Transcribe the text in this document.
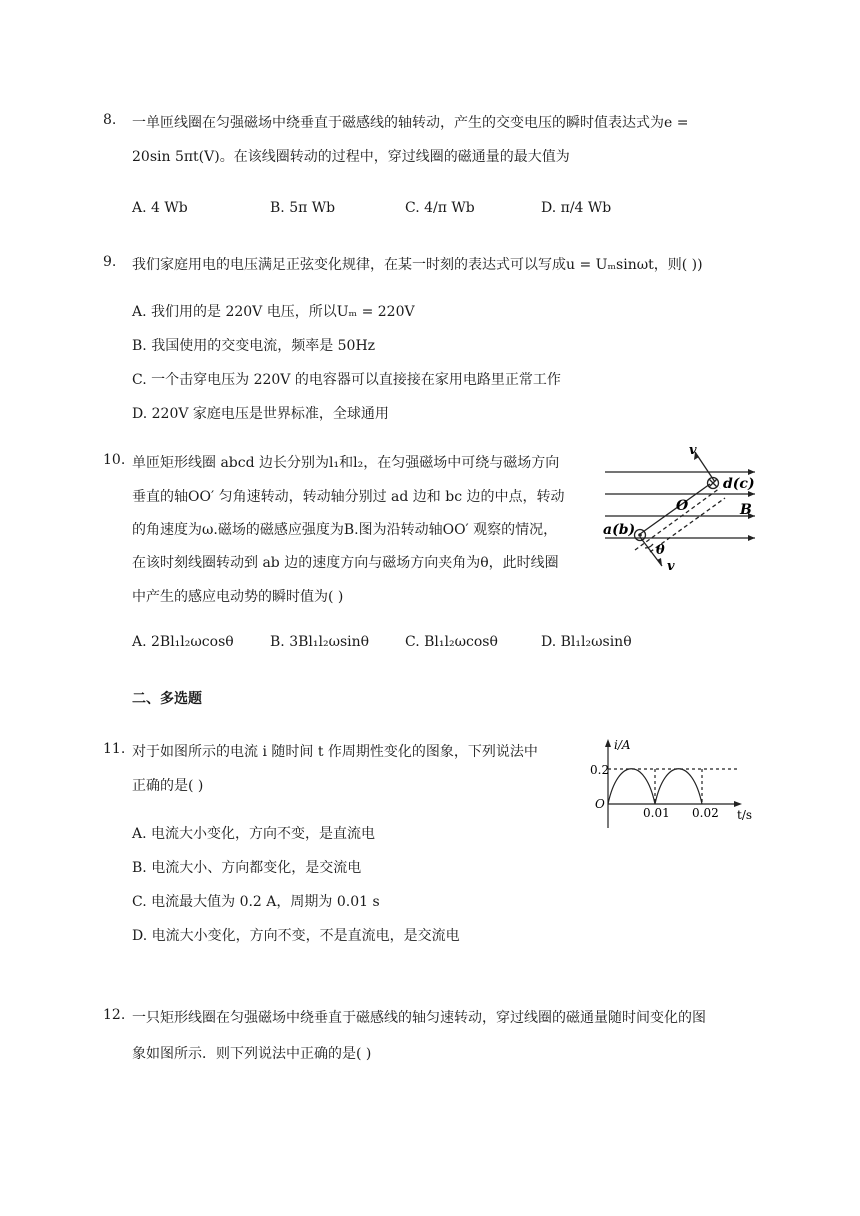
8. 一单匝线圈在匀强磁场中绕垂直于磁感线的轴转动，产生的交变电压的瞬时值表达式为e =
20sin 5πt(V)。在该线圈转动的过程中，穿过线圈的磁通量的最大值为
A. 4 Wb	B. 5π Wb	C. 4/π Wb	D. π/4 Wb
9. 我们家庭用电的电压满足正弦变化规律，在某一时刻的表达式可以写成u = Uₘsinωt，则( ))
A. 我们用的是 220V 电压，所以Uₘ = 220V
B. 我国使用的交变电流，频率是 50Hz
C. 一个击穿电压为 220V 的电容器可以直接接在家用电路里正常工作
D. 220V 家庭电压是世界标准，全球通用
10. 单匝矩形线圈 abcd 边长分别为l₁和l₂，在匀强磁场中可绕与磁场方向
垂直的轴OO′ 匀角速转动，转动轴分别过 ad 边和 bc 边的中点，转动
的角速度为ω.磁场的磁感应强度为B.图为沿转动轴OO′ 观察的情况，
在该时刻线圈转动到 ab 边的速度方向与磁场方向夹角为θ，此时线圈
中产生的感应电动势的瞬时值为( )
v
d(c)
O	B
a(b)
θ
v
A. 2Bl₁l₂ωcosθ	B. 3Bl₁l₂ωsinθ	C. Bl₁l₂ωcosθ	D. Bl₁l₂ωsinθ
二、多选题
11. 对于如图所示的电流 i 随时间 t 作周期性变化的图象，下列说法中
正确的是( )
i/A
0.2
O
0.01 0.02 t/s
A. 电流大小变化，方向不变，是直流电
B. 电流大小、方向都变化，是交流电
C. 电流最大值为 0.2 A，周期为 0.01 s
D. 电流大小变化，方向不变，不是直流电，是交流电
12. 一只矩形线圈在匀强磁场中绕垂直于磁感线的轴匀速转动，穿过线圈的磁通量随时间变化的图
象如图所示．则下列说法中正确的是( )
